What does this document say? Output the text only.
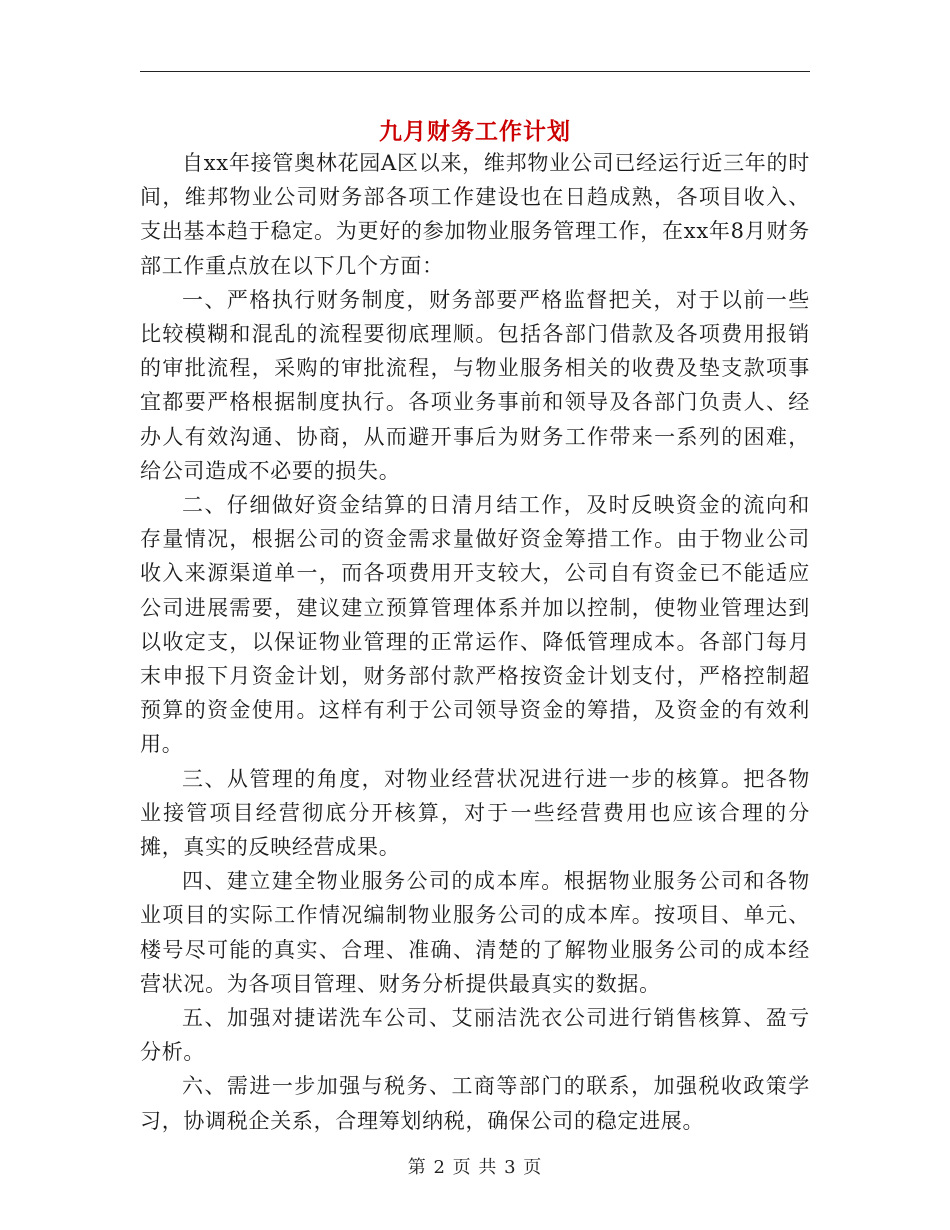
九月财务工作计划

自xx年接管奥林花园A区以来，维邦物业公司已经运行近三年的时间，维邦物业公司财务部各项工作建设也在日趋成熟，各项目收入、支出基本趋于稳定。为更好的参加物业服务管理工作，在xx年8月财务部工作重点放在以下几个方面：

一、严格执行财务制度，财务部要严格监督把关，对于以前一些比较模糊和混乱的流程要彻底理顺。包括各部门借款及各项费用报销的审批流程，采购的审批流程，与物业服务相关的收费及垫支款项事宜都要严格根据制度执行。各项业务事前和领导及各部门负责人、经办人有效沟通、协商，从而避开事后为财务工作带来一系列的困难，给公司造成不必要的损失。

二、仔细做好资金结算的日清月结工作，及时反映资金的流向和存量情况，根据公司的资金需求量做好资金筹措工作。由于物业公司收入来源渠道单一，而各项费用开支较大，公司自有资金已不能适应公司进展需要，建议建立预算管理体系并加以控制，使物业管理达到以收定支，以保证物业管理的正常运作、降低管理成本。各部门每月末申报下月资金计划，财务部付款严格按资金计划支付，严格控制超预算的资金使用。这样有利于公司领导资金的筹措，及资金的有效利用。

三、从管理的角度，对物业经营状况进行进一步的核算。把各物业接管项目经营彻底分开核算，对于一些经营费用也应该合理的分摊，真实的反映经营成果。

四、建立建全物业服务公司的成本库。根据物业服务公司和各物业项目的实际工作情况编制物业服务公司的成本库。按项目、单元、楼号尽可能的真实、合理、准确、清楚的了解物业服务公司的成本经营状况。为各项目管理、财务分析提供最真实的数据。

五、加强对捷诺洗车公司、艾丽洁洗衣公司进行销售核算、盈亏分析。

六、需进一步加强与税务、工商等部门的联系，加强税收政策学习，协调税企关系，合理筹划纳税，确保公司的稳定进展。

第 2 页 共 3 页
